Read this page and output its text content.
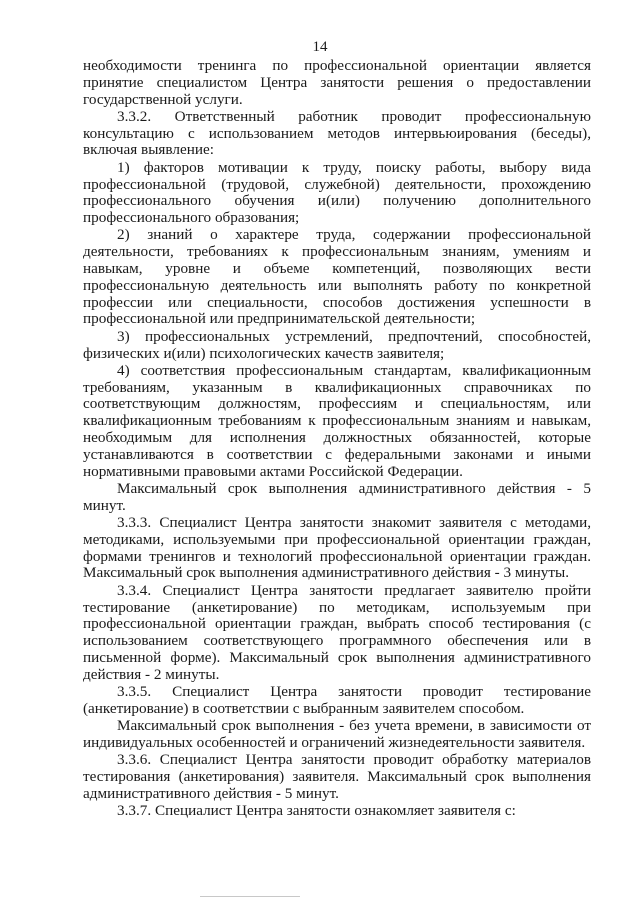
14

необходимости тренинга по профессиональной ориентации является принятие специалистом Центра занятости решения о предоставлении государственной услуги.

3.3.2. Ответственный работник проводит профессиональную консультацию с использованием методов интервьюирования (беседы), включая выявление:

1) факторов мотивации к труду, поиску работы, выбору вида профессиональной (трудовой, служебной) деятельности, прохождению профессионального обучения и(или) получению дополнительного профессионального образования;

2) знаний о характере труда, содержании профессиональной деятельности, требованиях к профессиональным знаниям, умениям и навыкам, уровне и объеме компетенций, позволяющих вести профессиональную деятельность или выполнять работу по конкретной профессии или специальности, способов достижения успешности в профессиональной или предпринимательской деятельности;

3) профессиональных устремлений, предпочтений, способностей, физических и(или) психологических качеств заявителя;

4) соответствия профессиональным стандартам, квалификационным требованиям, указанным в квалификационных справочниках по соответствующим должностям, профессиям и специальностям, или квалификационным требованиям к профессиональным знаниям и навыкам, необходимым для исполнения должностных обязанностей, которые устанавливаются в соответствии с федеральными законами и иными нормативными правовыми актами Российской Федерации.

Максимальный срок выполнения административного действия - 5 минут.

3.3.3. Специалист Центра занятости знакомит заявителя с методами, методиками, используемыми при профессиональной ориентации граждан, формами тренингов и технологий профессиональной ориентации граждан. Максимальный срок выполнения административного действия - 3 минуты.

3.3.4. Специалист Центра занятости предлагает заявителю пройти тестирование (анкетирование) по методикам, используемым при профессиональной ориентации граждан, выбрать способ тестирования (с использованием соответствующего программного обеспечения или в письменной форме). Максимальный срок выполнения административного действия - 2 минуты.

3.3.5. Специалист Центра занятости проводит тестирование (анкетирование) в соответствии с выбранным заявителем способом.

Максимальный срок выполнения - без учета времени, в зависимости от индивидуальных особенностей и ограничений жизнедеятельности заявителя.

3.3.6. Специалист Центра занятости проводит обработку материалов тестирования (анкетирования) заявителя. Максимальный срок выполнения административного действия - 5 минут.

3.3.7. Специалист Центра занятости ознакомляет заявителя с:
